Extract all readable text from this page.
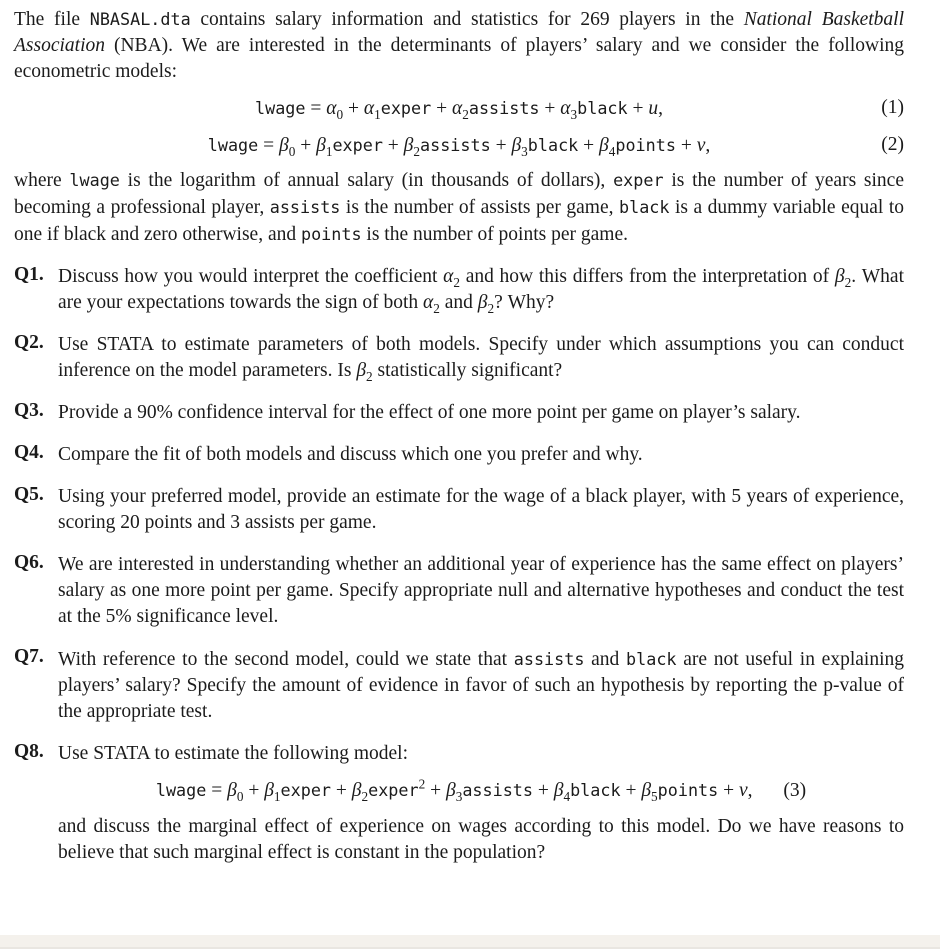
The file NBASAL.dta contains salary information and statistics for 269 players in the National Basketball Association (NBA). We are interested in the determinants of players’ salary and we consider the following econometric models:

lwage = $\alpha_0$ + $\alpha_1exper$ + $\alpha_2assists$ + $\alpha_3black + u$,	(1)
lwage = $\beta_0$ + $\beta_1exper$ + $\beta_2assists$ + $\beta_3black$ + $\beta_4points + v$,	(2)

where lwage is the logarithm of annual salary (in thousands of dollars), exper is the number of years since becoming a professional player, assists is the number of assists per game, black is a dummy variable equal to one if black and zero otherwise, and points is the number of points per game.

Q1. Discuss how you would interpret the coefficient $\alpha_2$ and how this differs from the interpretation of $\beta_2$. What are your expectations towards the sign of both $\alpha_2$ and $\beta_2$? Why?
Q2. Use STATA to estimate parameters of both models. Specify under which assumptions you can conduct inference on the model parameters. Is $\beta_2$ statistically significant?
Q3. Provide a 90% confidence interval for the effect of one more point per game on player’s salary.
Q4. Compare the fit of both models and discuss which one you prefer and why.
Q5. Using your preferred model, provide an estimate for the wage of a black player, with 5 years of experience, scoring 20 points and 3 assists per game.
Q6. We are interested in understanding whether an additional year of experience has the same effect on players’ salary as one more point per game. Specify appropriate null and alternative hypotheses and conduct the test at the 5% significance level.
Q7. With reference to the second model, could we state that assists and black are not useful in explaining players’ salary? Specify the amount of evidence in favor of such an hypothesis by reporting the p-value of the appropriate test.
Q8. Use STATA to estimate the following model:
lwage = $\beta_0$ + $\beta_1exper$ + $\beta_2exper^2$ + $\beta_3assists$ + $\beta_4black$ + $\beta_5points + v$, (3)
and discuss the marginal effect of experience on wages according to this model. Do we have reasons to believe that such marginal effect is constant in the population?
